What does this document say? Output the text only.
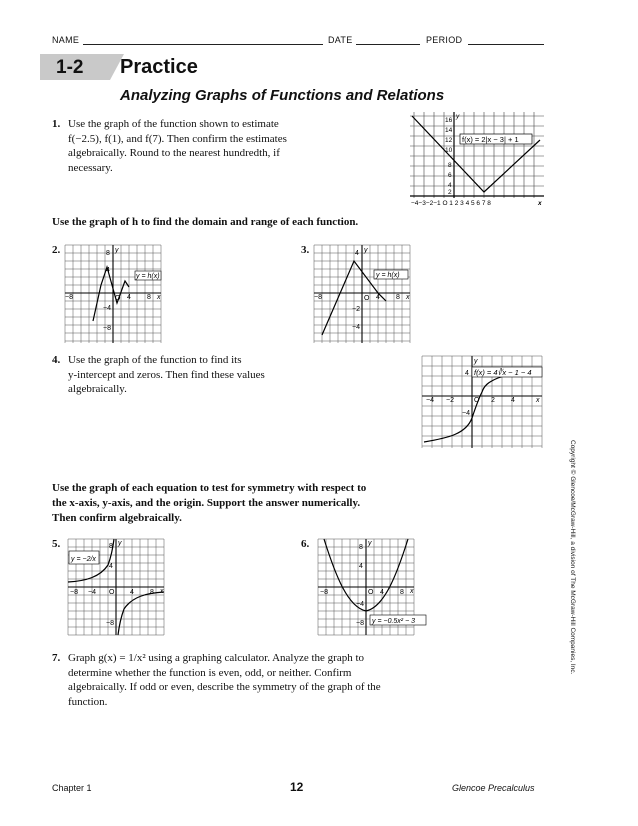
NAME	DATE	PERIOD
1-2 Practice
Analyzing Graphs of Functions and Relations
1. Use the graph of the function shown to estimate
f(−2.5), f(1), and f(7). Then confirm the estimates
algebraically. Round to the nearest hundredth, if
necessary.
f(x) = 2|x − 3| + 1
16
14
12
10
8
6
4
2
y
−4−3−2−1 O 1 2 3 4 5 6 7 8	x
Use the graph of h to find the domain and range of each function.
2.
y = h(x)
y
x
O
−8	4 8
8
4
−4
−8
3.
y = h(x)
y
x
O
−8	4 8
4
−2
−4
4. Use the graph of the function to find its
y-intercept and zeros. Then find these values
algebraically.
f(x) = 4∛x − 1 − 4
y
x
O
−4 −2	2 4
4
−4
Use the graph of each equation to test for symmetry with respect to
the x-axis, y-axis, and the origin. Support the answer numerically.
Then confirm algebraically.
5.
y = −2/x
y
x
O
−8 −4	4 8
8
4
−8
6.
y = −0.5x² − 3
y
x
O
−8	4 8
8
4
−4
−8
7. Graph g(x) = 1/x² using a graphing calculator. Analyze the graph to
determine whether the function is even, odd, or neither. Confirm
algebraically. If odd or even, describe the symmetry of the graph of the
function.
Copyright © Glencoe/McGraw-Hill, a division of The McGraw-Hill Companies, Inc.
Chapter 1	12	Glencoe Precalculus
